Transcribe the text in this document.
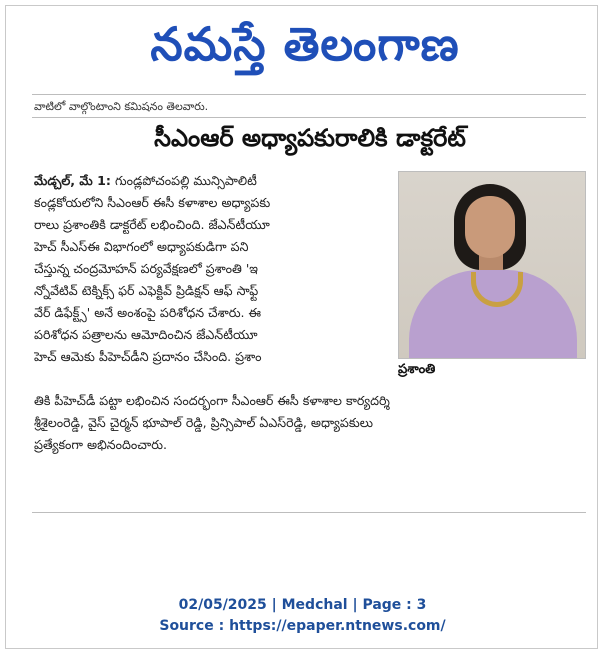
నమస్తే తెలంగాణ
వాటిలో వాల్గొంటాంని కమిషనం తెలవారు.
సీఎంఆర్ అధ్యాపకురాలికి డాక్టరేట్
మేడ్చల్, మే 1: గుండ్లపోచంపల్లి మున్సిపాలిటీ
కండ్లకోయలోని సీఎంఆర్ ఈసీ కళాశాల అధ్యాపకు
రాలు ప్రశాంతికి డాక్టరేట్ లభించింది. జేఎన్‌టీయూ
హెచ్ సీఎస్ఈ విభాగంలో అధ్యాపకుడిగా పని
చేస్తున్న చంద్రమోహన్ పర్యవేక్షణలో ప్రశాంతి 'ఇ
న్నోవేటివ్ టెక్నిక్స్ ఫర్ ఎఫెక్టివ్ ప్రిడిక్షన్ ఆఫ్ సాఫ్ట్
వేర్ డిఫేక్ట్స్' అనే అంశంపై పరిశోధన చేశారు. ఈ
పరిశోధన పత్రాలను ఆమోదించిన జేఎన్‌టీయూ
హెచ్ ఆమెకు పీహెచ్‌డీని ప్రదానం చేసింది. ప్రశాం
ప్రశాంతి
తికి పీహెచ్‌డీ పట్టా లభించిన సందర్భంగా సీఎంఆర్ ఈసీ కళాశాల కార్యదర్శి
శ్రీశైలంరెడ్డి, వైస్ చైర్మన్ భూపాల్ రెడ్డి, ప్రిన్సిపాల్ ఏఎస్‌రెడ్డి, అధ్యాపకులు
ప్రత్యేకంగా అభినందించారు.
02/05/2025 | Medchal | Page : 3
Source : https://epaper.ntnews.com/
